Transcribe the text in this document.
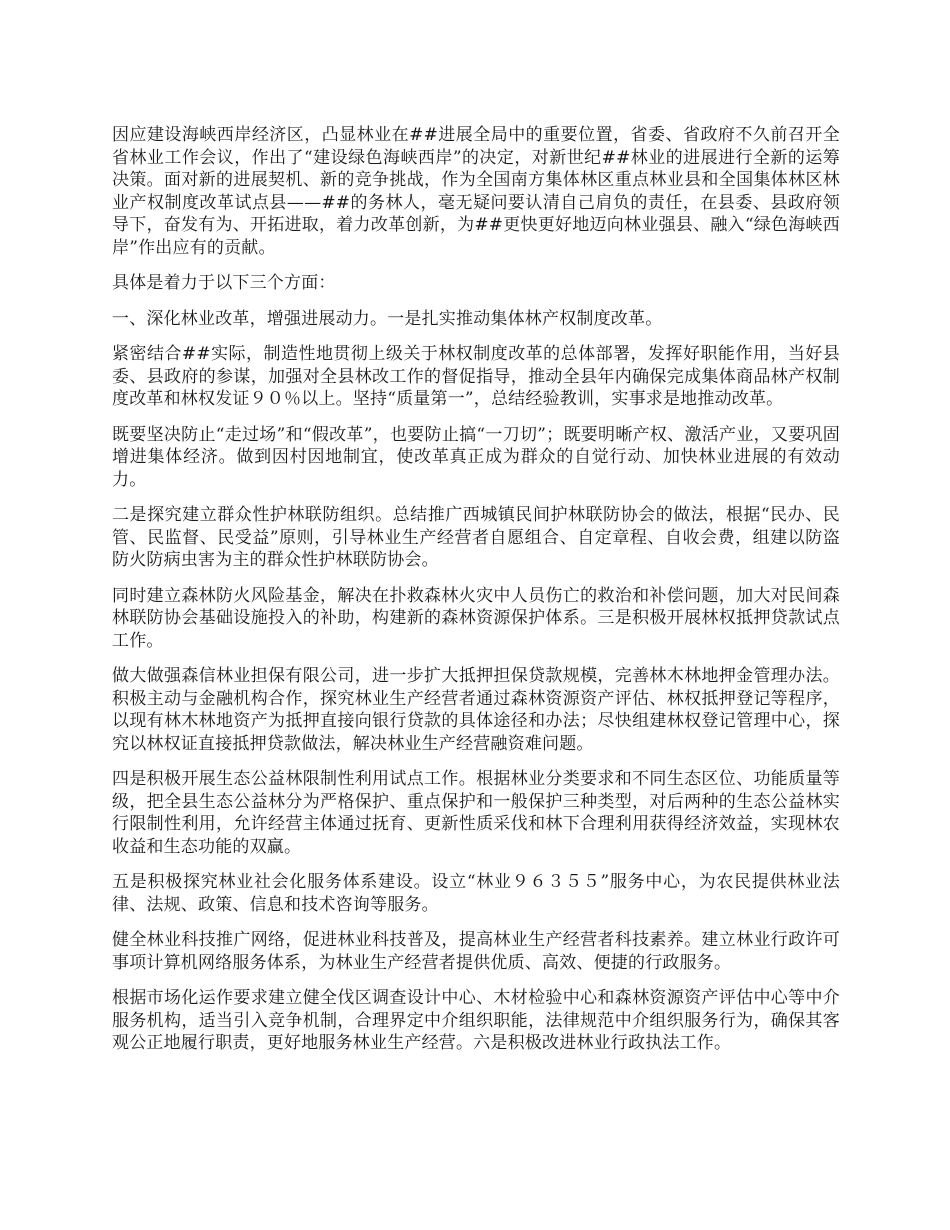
因应建设海峡西岸经济区，凸显林业在##进展全局中的重要位置，省委、省政府不久前召开全省林业工作会议，作出了“建设绿色海峡西岸”的决定，对新世纪##林业的进展进行全新的运筹决策。面对新的进展契机、新的竞争挑战，作为全国南方集体林区重点林业县和全国集体林区林业产权制度改革试点县——##的务林人，毫无疑问要认清自己肩负的责任，在县委、县政府领导下，奋发有为、开拓进取，着力改革创新，为##更快更好地迈向林业强县、融入“绿色海峡西岸”作出应有的贡献。

具体是着力于以下三个方面：

一、深化林业改革，增强进展动力。一是扎实推动集体林产权制度改革。

紧密结合##实际，制造性地贯彻上级关于林权制度改革的总体部署，发挥好职能作用，当好县委、县政府的参谋，加强对全县林改工作的督促指导，推动全县年内确保完成集体商品林产权制度改革和林权发证９０％以上。坚持“质量第一”，总结经验教训，实事求是地推动改革。

既要坚决防止“走过场”和“假改革”，也要防止搞“一刀切”；既要明晰产权、激活产业，又要巩固增进集体经济。做到因村因地制宜，使改革真正成为群众的自觉行动、加快林业进展的有效动力。

二是探究建立群众性护林联防组织。总结推广西城镇民间护林联防协会的做法，根据“民办、民管、民监督、民受益”原则，引导林业生产经营者自愿组合、自定章程、自收会费，组建以防盗防火防病虫害为主的群众性护林联防协会。

同时建立森林防火风险基金，解决在扑救森林火灾中人员伤亡的救治和补偿问题，加大对民间森林联防协会基础设施投入的补助，构建新的森林资源保护体系。三是积极开展林权抵押贷款试点工作。

做大做强森信林业担保有限公司，进一步扩大抵押担保贷款规模，完善林木林地押金管理办法。积极主动与金融机构合作，探究林业生产经营者通过森林资源资产评估、林权抵押登记等程序，以现有林木林地资产为抵押直接向银行贷款的具体途径和办法；尽快组建林权登记管理中心，探究以林权证直接抵押贷款做法，解决林业生产经营融资难问题。

四是积极开展生态公益林限制性利用试点工作。根据林业分类要求和不同生态区位、功能质量等级，把全县生态公益林分为严格保护、重点保护和一般保护三种类型，对后两种的生态公益林实行限制性利用，允许经营主体通过抚育、更新性质采伐和林下合理利用获得经济效益，实现林农收益和生态功能的双赢。

五是积极探究林业社会化服务体系建设。设立“林业９６３５５”服务中心，为农民提供林业法律、法规、政策、信息和技术咨询等服务。

健全林业科技推广网络，促进林业科技普及，提高林业生产经营者科技素养。建立林业行政许可事项计算机网络服务体系，为林业生产经营者提供优质、高效、便捷的行政服务。

根据市场化运作要求建立健全伐区调查设计中心、木材检验中心和森林资源资产评估中心等中介服务机构，适当引入竞争机制，合理界定中介组织职能，法律规范中介组织服务行为，确保其客观公正地履行职责，更好地服务林业生产经营。六是积极改进林业行政执法工作。
